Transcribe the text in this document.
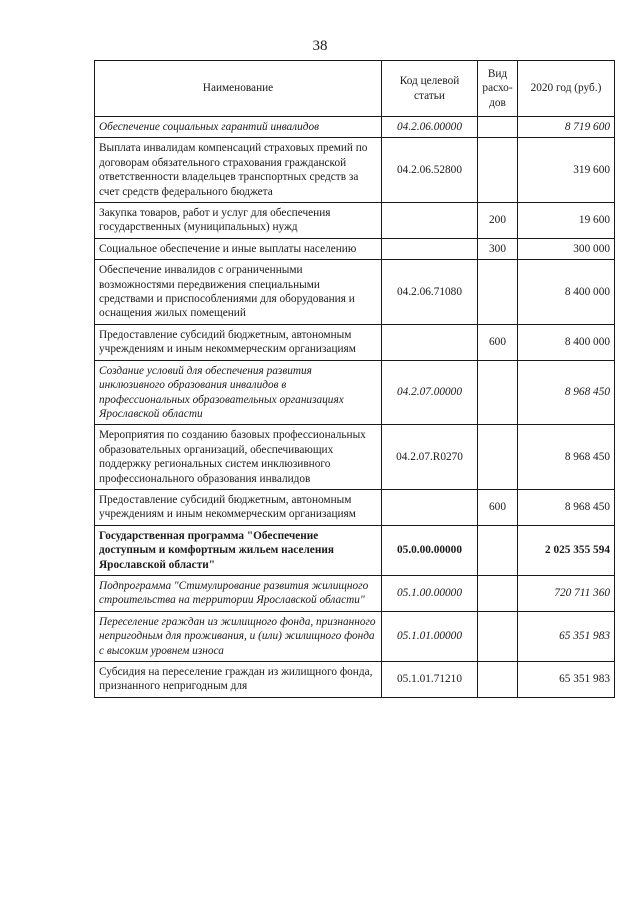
38
Наименование	Код целевой статьи	Вид расхо-дов	2020 год (руб.)
Обеспечение социальных гарантий инвалидов	04.2.06.00000		8 719 600
Выплата инвалидам компенсаций страховых премий по договорам обязательного страхования гражданской ответственности владельцев транспортных средств за счет средств федерального бюджета	04.2.06.52800		319 600
Закупка товаров, работ и услуг для обеспечения государственных (муниципальных) нужд		200	19 600
Социальное обеспечение и иные выплаты населению		300	300 000
Обеспечение инвалидов с ограниченными возможностями передвижения специальными средствами и приспособлениями для оборудования и оснащения жилых помещений	04.2.06.71080		8 400 000
Предоставление субсидий бюджетным, автономным учреждениям и иным некоммерческим организациям		600	8 400 000
Создание условий для обеспечения развития инклюзивного образования инвалидов в профессиональных образовательных организациях Ярославской области	04.2.07.00000		8 968 450
Мероприятия по созданию базовых профессиональных образовательных организаций, обеспечивающих поддержку региональных систем инклюзивного профессионального образования инвалидов	04.2.07.R0270		8 968 450
Предоставление субсидий бюджетным, автономным учреждениям и иным некоммерческим организациям		600	8 968 450
Государственная программа "Обеспечение доступным и комфортным жильем населения Ярославской области"	05.0.00.00000		2 025 355 594
Подпрограмма "Стимулирование развития жилищного строительства на территории Ярославской области"	05.1.00.00000		720 711 360
Переселение граждан из жилищного фонда, признанного непригодным для проживания, и (или) жилищного фонда с высоким уровнем износа	05.1.01.00000		65 351 983
Субсидия на переселение граждан из жилищного фонда, признанного непригодным для	05.1.01.71210		65 351 983
